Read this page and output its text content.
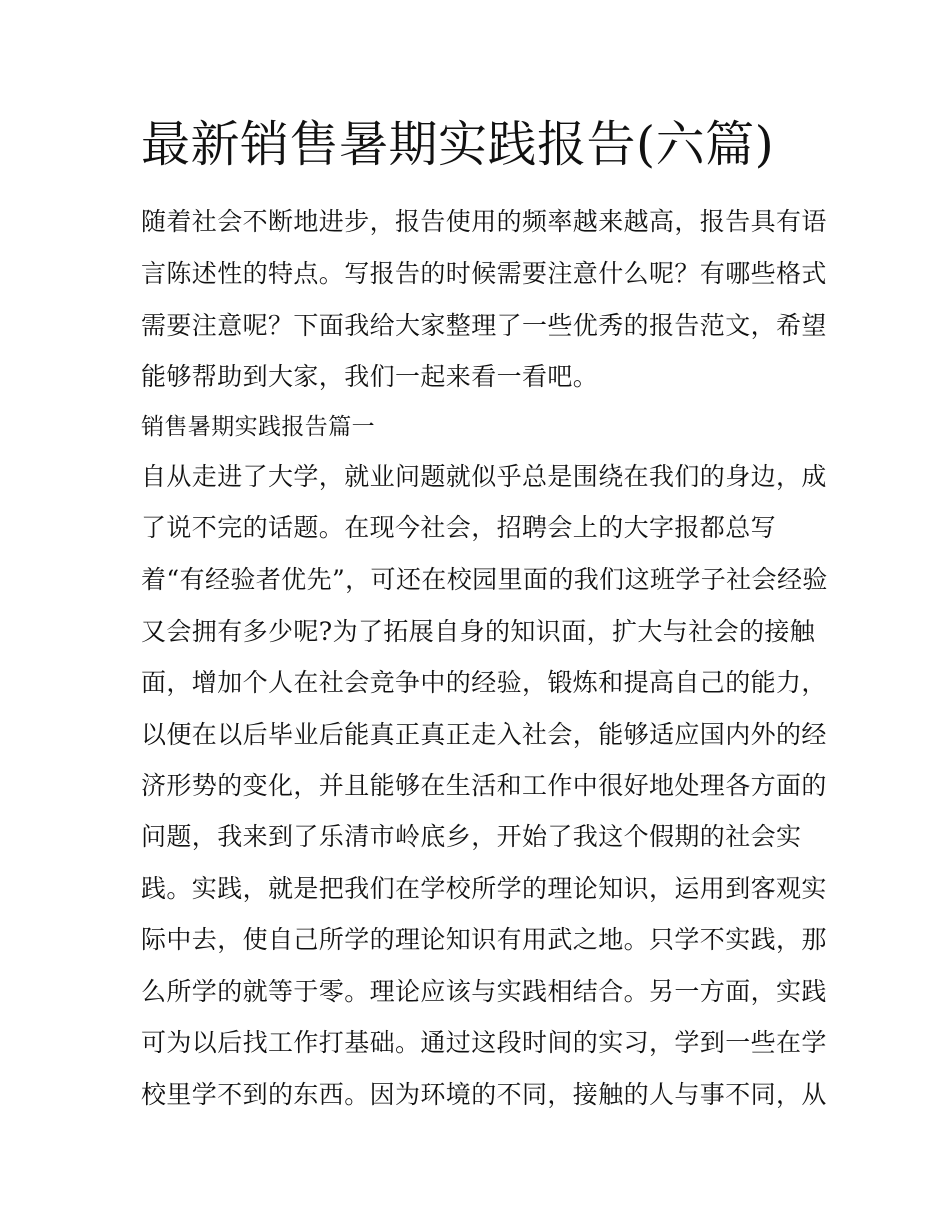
最新销售暑期实践报告(六篇)
随着社会不断地进步，报告使用的频率越来越高，报告具有语
言陈述性的特点。写报告的时候需要注意什么呢？有哪些格式
需要注意呢？下面我给大家整理了一些优秀的报告范文，希望
能够帮助到大家，我们一起来看一看吧。
销售暑期实践报告篇一
自从走进了大学，就业问题就似乎总是围绕在我们的身边，成
了说不完的话题。在现今社会，招聘会上的大字报都总写
着“有经验者优先”，可还在校园里面的我们这班学子社会经验
又会拥有多少呢?为了拓展自身的知识面，扩大与社会的接触
面，增加个人在社会竞争中的经验，锻炼和提高自己的能力，
以便在以后毕业后能真正真正走入社会，能够适应国内外的经
济形势的变化，并且能够在生活和工作中很好地处理各方面的
问题，我来到了乐清市岭底乡，开始了我这个假期的社会实
践。实践，就是把我们在学校所学的理论知识，运用到客观实
际中去，使自己所学的理论知识有用武之地。只学不实践，那
么所学的就等于零。理论应该与实践相结合。另一方面，实践
可为以后找工作打基础。通过这段时间的实习，学到一些在学
校里学不到的东西。因为环境的不同，接触的人与事不同，从
